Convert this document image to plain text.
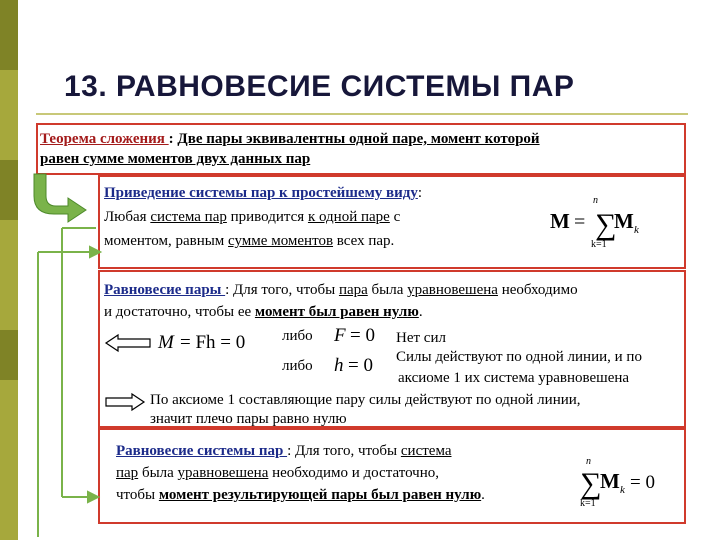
13. РАВНОВЕСИЕ СИСТЕМЫ ПАР
Теорема сложения : Две пары эквивалентны одной паре, момент которой
равен сумме моментов двух данных пар
Приведение системы пар к простейшему виду:
Любая система пар приводится к одной паре с
моментом, равным сумме моментов всех пар.
Равновесие пары : Для того, чтобы пара была уравновешена необходимо
и достаточно, чтобы ее момент был равен нулю.
либо
либо
Нет сил
Силы действуют по одной линии, и по
аксиоме 1 их система уравновешена
По аксиоме 1 составляющие пару силы действуют по одной линии,
значит плечо пары равно нулю
Равновесие системы пар : Для того, чтобы система
пар была уравновешена необходимо и достаточно,
чтобы момент результирующей пары был равен нулю.
M =
n
∑
k=1
M k
M = Fh = 0	F = 0
h = 0
n
∑
k=1
M k = 0
